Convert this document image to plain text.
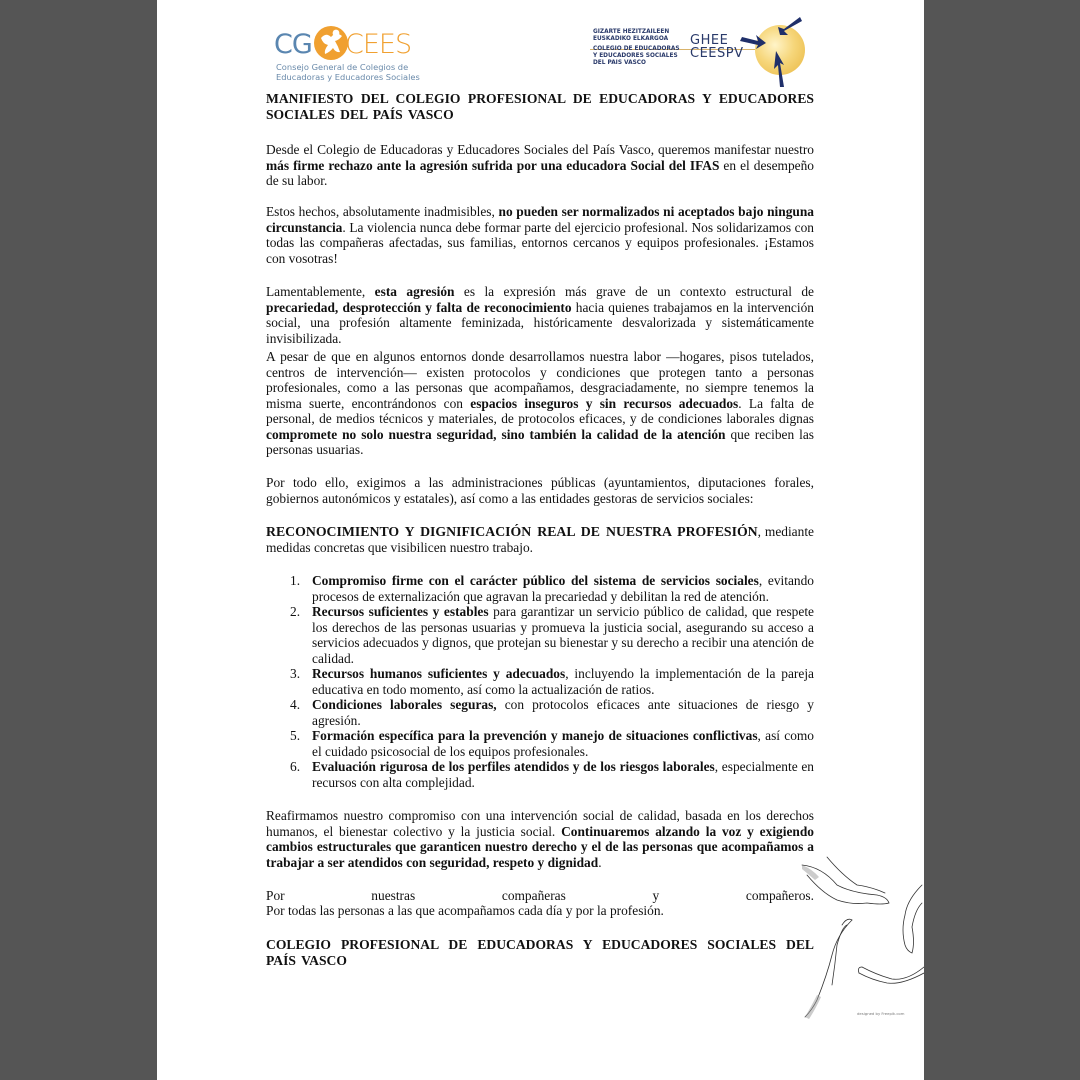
CG CEES
Consejo General de Colegios de
Educadoras y Educadores Sociales
GIZARTE HEZITZAILEEN
EUSKADIKO ELKARGOA
COLEGIO DE EDUCADORAS
Y EDUCADORES SOCIALES
DEL PAIS VASCO
GHEE
CEESPV
MANIFIESTO DEL COLEGIO PROFESIONAL DE EDUCADORAS Y EDUCADORES SOCIALES DEL PAÍS VASCO
Desde el Colegio de Educadoras y Educadores Sociales del País Vasco, queremos manifestar nuestro más firme rechazo ante la agresión sufrida por una educadora Social del IFAS en el desempeño de su labor.
Estos hechos, absolutamente inadmisibles, no pueden ser normalizados ni aceptados bajo ninguna circunstancia. La violencia nunca debe formar parte del ejercicio profesional. Nos solidarizamos con todas las compañeras afectadas, sus familias, entornos cercanos y equipos profesionales. ¡Estamos con vosotras!
Lamentablemente, esta agresión es la expresión más grave de un contexto estructural de precariedad, desprotección y falta de reconocimiento hacia quienes trabajamos en la intervención social, una profesión altamente feminizada, históricamente desvalorizada y sistemáticamente invisibilizada.
A pesar de que en algunos entornos donde desarrollamos nuestra labor —hogares, pisos tutelados, centros de intervención— existen protocolos y condiciones que protegen tanto a personas profesionales, como a las personas que acompañamos, desgraciadamente, no siempre tenemos la misma suerte, encontrándonos con espacios inseguros y sin recursos adecuados. La falta de personal, de medios técnicos y materiales, de protocolos eficaces, y de condiciones laborales dignas compromete no solo nuestra seguridad, sino también la calidad de la atención que reciben las personas usuarias.
Por todo ello, exigimos a las administraciones públicas (ayuntamientos, diputaciones forales, gobiernos autonómicos y estatales), así como a las entidades gestoras de servicios sociales:
RECONOCIMIENTO Y DIGNIFICACIÓN REAL DE NUESTRA PROFESIÓN, mediante medidas concretas que visibilicen nuestro trabajo.
1. Compromiso firme con el carácter público del sistema de servicios sociales, evitando procesos de externalización que agravan la precariedad y debilitan la red de atención.
2. Recursos suficientes y estables para garantizar un servicio público de calidad, que respete los derechos de las personas usuarias y promueva la justicia social, asegurando su acceso a servicios adecuados y dignos, que protejan su bienestar y su derecho a recibir una atención de calidad.
3. Recursos humanos suficientes y adecuados, incluyendo la implementación de la pareja educativa en todo momento, así como la actualización de ratios.
4. Condiciones laborales seguras, con protocolos eficaces ante situaciones de riesgo y agresión.
5. Formación específica para la prevención y manejo de situaciones conflictivas, así como el cuidado psicosocial de los equipos profesionales.
6. Evaluación rigurosa de los perfiles atendidos y de los riesgos laborales, especialmente en recursos con alta complejidad.
Reafirmamos nuestro compromiso con una intervención social de calidad, basada en los derechos humanos, el bienestar colectivo y la justicia social. Continuaremos alzando la voz y exigiendo cambios estructurales que garanticen nuestro derecho y el de las personas que acompañamos a trabajar a ser atendidos con seguridad, respeto y dignidad.
Por	nuestras	compañeras	y	compañeros.
Por todas las personas a las que acompañamos cada día y por la profesión.
COLEGIO PROFESIONAL DE EDUCADORAS Y EDUCADORES SOCIALES DEL PAÍS VASCO
designed by Freepik.com
